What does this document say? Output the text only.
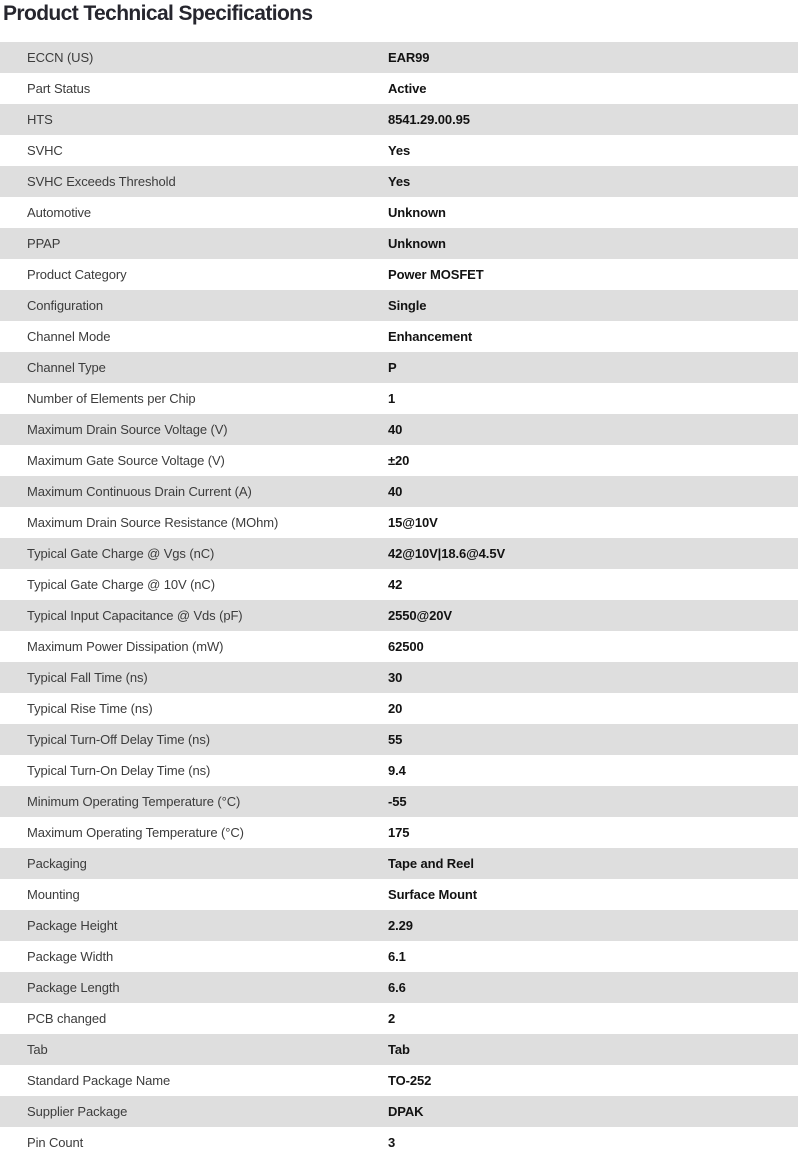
Product Technical Specifications
ECCN (US)	EAR99
Part Status	Active
HTS	8541.29.00.95
SVHC	Yes
SVHC Exceeds Threshold	Yes
Automotive	Unknown
PPAP	Unknown
Product Category	Power MOSFET
Configuration	Single
Channel Mode	Enhancement
Channel Type	P
Number of Elements per Chip	1
Maximum Drain Source Voltage (V)	40
Maximum Gate Source Voltage (V)	±20
Maximum Continuous Drain Current (A)	40
Maximum Drain Source Resistance (MOhm)	15@10V
Typical Gate Charge @ Vgs (nC)	42@10V|18.6@4.5V
Typical Gate Charge @ 10V (nC)	42
Typical Input Capacitance @ Vds (pF)	2550@20V
Maximum Power Dissipation (mW)	62500
Typical Fall Time (ns)	30
Typical Rise Time (ns)	20
Typical Turn-Off Delay Time (ns)	55
Typical Turn-On Delay Time (ns)	9.4
Minimum Operating Temperature (°C)	-55
Maximum Operating Temperature (°C)	175
Packaging	Tape and Reel
Mounting	Surface Mount
Package Height	2.29
Package Width	6.1
Package Length	6.6
PCB changed	2
Tab	Tab
Standard Package Name	TO-252
Supplier Package	DPAK
Pin Count	3
